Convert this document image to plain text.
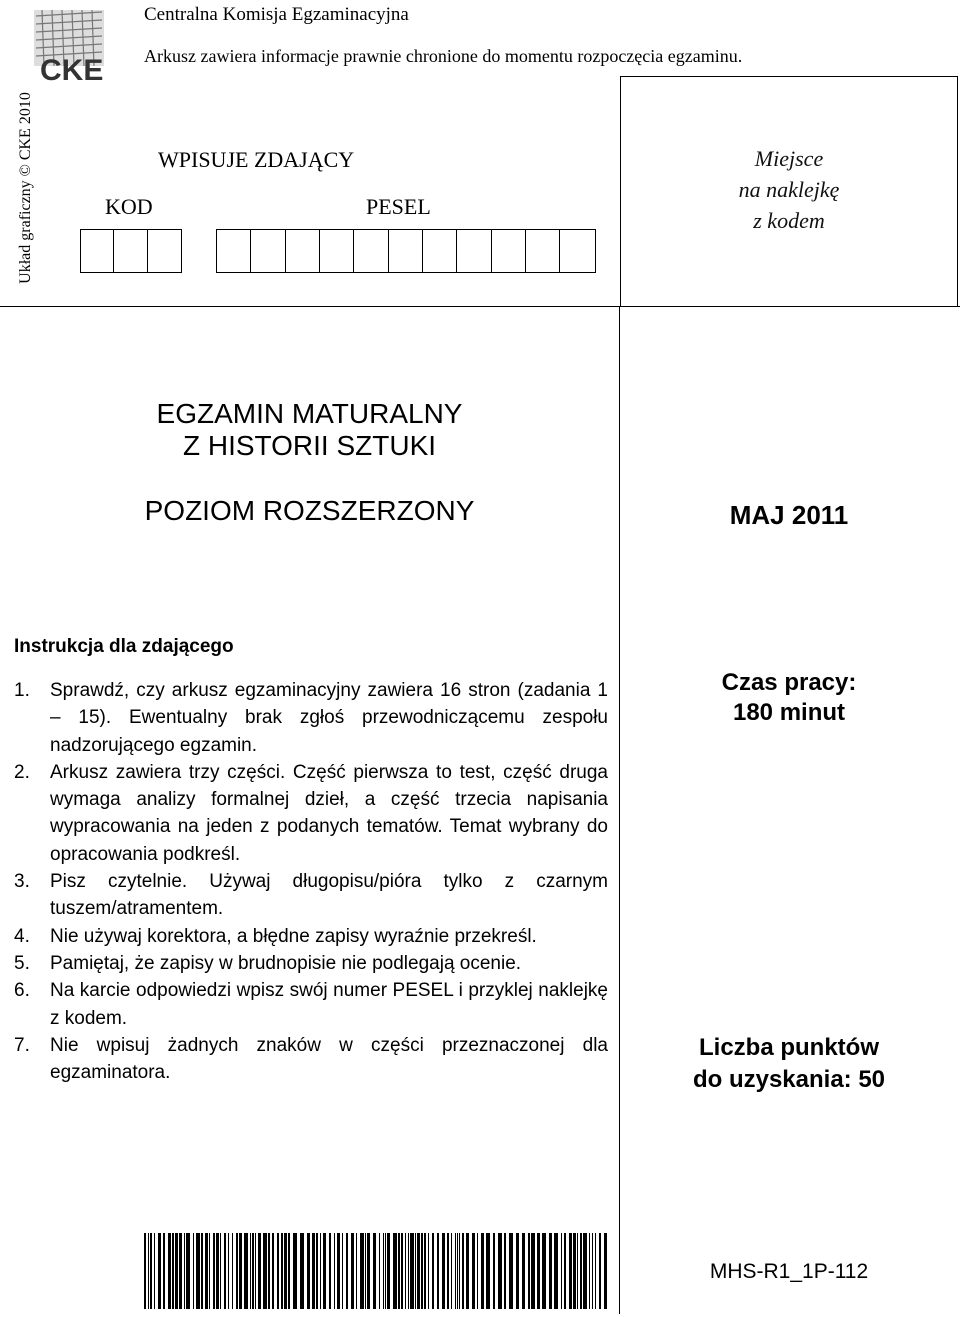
CKE
Układ graficzny © CKE 2010
Centralna Komisja Egzaminacyjna
Arkusz zawiera informacje prawnie chronione do momentu rozpoczęcia egzaminu.
Miejsce
na naklejkę
z kodem
WPISUJE ZDAJĄCY
KOD	PESEL
EGZAMIN MATURALNY
Z HISTORII SZTUKI
POZIOM ROZSZERZONY	MAJ 2011
Instrukcja dla zdającego
1. Sprawdź, czy arkusz egzaminacyjny zawiera 16 stron (zadania 1 – 15). Ewentualny brak zgłoś przewodniczącemu zespołu nadzorującego egzamin.
2. Arkusz zawiera trzy części. Część pierwsza to test, część druga wymaga analizy formalnej dzieł, a część trzecia napisania wypracowania na jeden z podanych tematów. Temat wybrany do opracowania podkreśl.
3. Pisz czytelnie. Używaj długopisu/pióra tylko z czarnym tuszem/atramentem.
4. Nie używaj korektora, a błędne zapisy wyraźnie przekreśl.
5. Pamiętaj, że zapisy w brudnopisie nie podlegają ocenie.
6. Na karcie odpowiedzi wpisz swój numer PESEL i przyklej naklejkę z kodem.
7. Nie wpisuj żadnych znaków w części przeznaczonej dla egzaminatora.
Czas pracy:
180 minut
Liczba punktów
do uzyskania: 50
MHS-R1_1P-112
